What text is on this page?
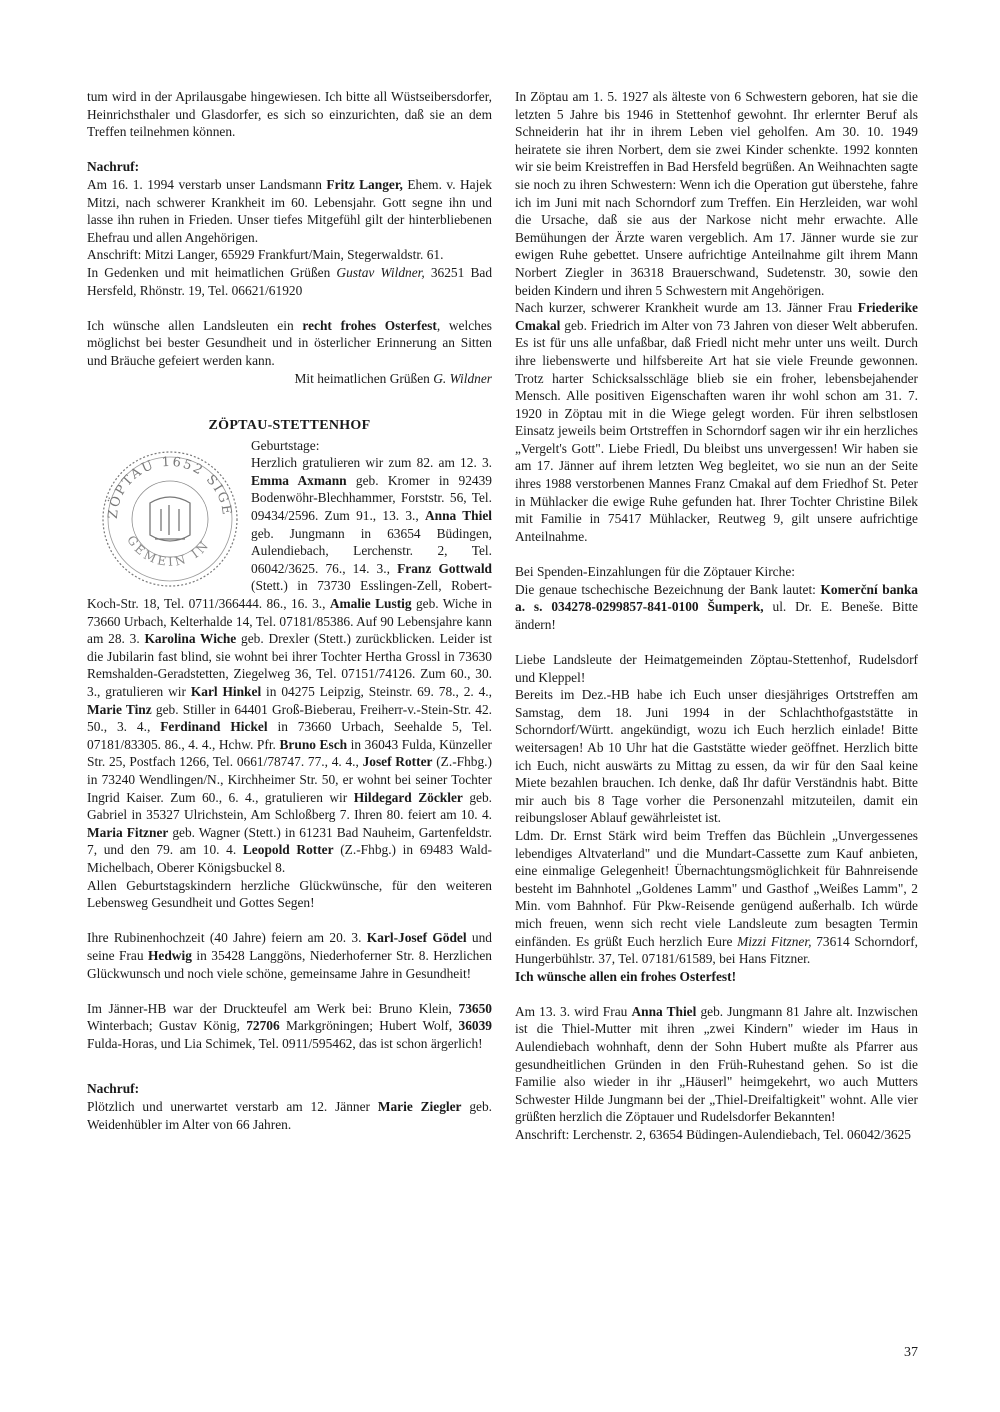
tum wird in der Aprilausgabe hingewiesen. Ich bitte all Wüstseibersdorfer, Heinrichsthaler und Glasdorfer, es sich so einzurichten, daß sie an dem Treffen teilnehmen können.

Nachruf:

Am 16. 1. 1994 verstarb unser Landsmann Fritz Langer, Ehem. v. Hajek Mitzi, nach schwerer Krankheit im 60. Lebensjahr. Gott segne ihn und lasse ihn ruhen in Frieden. Unser tiefes Mitgefühl gilt der hinterbliebenen Ehefrau und allen Angehörigen.

Anschrift: Mitzi Langer, 65929 Frankfurt/Main, Stegerwaldstr. 61.

In Gedenken und mit heimatlichen Grüßen Gustav Wildner, 36251 Bad Hersfeld, Rhönstr. 19, Tel. 06621/61920

Ich wünsche allen Landsleuten ein recht frohes Osterfest, welches möglichst bei bester Gesundheit und in österlicher Erinnerung an Sitten und Bräuche gefeiert werden kann.

Mit heimatlichen Grüßen G. Wildner

ZÖPTAU-STETTENHOF

ZÖPTAU 1652 SIGE
GEMEIN IN

Geburtstage:

Herzlich gratulieren wir zum 82. am 12. 3. Emma Axmann geb. Kromer in 92439 Bodenwöhr-Blechhammer, Forststr. 56, Tel. 09434/2596. Zum 91., 13. 3., Anna Thiel geb. Jungmann in 63654 Büdingen, Aulendiebach, Lerchenstr. 2, Tel. 06042/3625. 76., 14. 3., Franz Gottwald (Stett.) in 73730 Esslingen-Zell, Robert-Koch-Str. 18, Tel. 0711/366444. 86., 16. 3., Amalie Lustig geb. Wiche in 73660 Urbach, Kelterhalde 14, Tel. 07181/85386. Auf 90 Lebensjahre kann am 28. 3. Karolina Wiche geb. Drexler (Stett.) zurückblicken. Leider ist die Jubilarin fast blind, sie wohnt bei ihrer Tochter Hertha Grossl in 73630 Remshalden-Geradstetten, Ziegelweg 36, Tel. 07151/74126. Zum 60., 30. 3., gratulieren wir Karl Hinkel in 04275 Leipzig, Steinstr. 69. 78., 2. 4., Marie Tinz geb. Stiller in 64401 Groß-Bieberau, Freiherr-v.-Stein-Str. 42. 50., 3. 4., Ferdinand Hickel in 73660 Urbach, Seehalde 5, Tel. 07181/83305. 86., 4. 4., Hchw. Pfr. Bruno Esch in 36043 Fulda, Künzeller Str. 25, Postfach 1266, Tel. 0661/78747. 77., 4. 4., Josef Rotter (Z.-Fhbg.) in 73240 Wendlingen/N., Kirchheimer Str. 50, er wohnt bei seiner Tochter Ingrid Kaiser. Zum 60., 6. 4., gratulieren wir Hildegard Zöckler geb. Gabriel in 35327 Ulrichstein, Am Schloßberg 7. Ihren 80. feiert am 10. 4. Maria Fitzner geb. Wagner (Stett.) in 61231 Bad Nauheim, Gartenfeldstr. 7, und den 79. am 10. 4. Leopold Rotter (Z.-Fhbg.) in 69483 Wald-Michelbach, Oberer Königsbuckel 8.

Allen Geburtstagskindern herzliche Glückwünsche, für den weiteren Lebensweg Gesundheit und Gottes Segen!

Ihre Rubinenhochzeit (40 Jahre) feiern am 20. 3. Karl-Josef Gödel und seine Frau Hedwig in 35428 Langgöns, Niederhoferner Str. 8. Herzlichen Glückwunsch und noch viele schöne, gemeinsame Jahre in Gesundheit!

Im Jänner-HB war der Druckteufel am Werk bei: Bruno Klein, 73650 Winterbach; Gustav König, 72706 Markgröningen; Hubert Wolf, 36039 Fulda-Horas, und Lia Schimek, Tel. 0911/595462, das ist schon ärgerlich!

Nachruf:

Plötzlich und unerwartet verstarb am 12. Jänner Marie Ziegler geb. Weidenhübler im Alter von 66 Jahren.

In Zöptau am 1. 5. 1927 als älteste von 6 Schwestern geboren, hat sie die letzten 5 Jahre bis 1946 in Stettenhof gewohnt. Ihr erlernter Beruf als Schneiderin hat ihr in ihrem Leben viel geholfen. Am 30. 10. 1949 heiratete sie ihren Norbert, dem sie zwei Kinder schenkte. 1992 konnten wir sie beim Kreistreffen in Bad Hersfeld begrüßen. An Weihnachten sagte sie noch zu ihren Schwestern: Wenn ich die Operation gut überstehe, fahre ich im Juni mit nach Schorndorf zum Treffen. Ein Herzleiden, war wohl die Ursache, daß sie aus der Narkose nicht mehr erwachte. Alle Bemühungen der Ärzte waren vergeblich. Am 17. Jänner wurde sie zur ewigen Ruhe gebettet. Unsere aufrichtige Anteilnahme gilt ihrem Mann Norbert Ziegler in 36318 Brauerschwand, Sudetenstr. 30, sowie den beiden Kindern und ihren 5 Schwestern mit Angehörigen.

Nach kurzer, schwerer Krankheit wurde am 13. Jänner Frau Friederike Cmakal geb. Friedrich im Alter von 73 Jahren von dieser Welt abberufen. Es ist für uns alle unfaßbar, daß Friedl nicht mehr unter uns weilt. Durch ihre liebenswerte und hilfsbereite Art hat sie viele Freunde gewonnen. Trotz harter Schicksalsschläge blieb sie ein froher, lebensbejahender Mensch. Alle positiven Eigenschaften waren ihr wohl schon am 31. 7. 1920 in Zöptau mit in die Wiege gelegt worden. Für ihren selbstlosen Einsatz jeweils beim Ortstreffen in Schorndorf sagen wir ihr ein herzliches „Vergelt's Gott". Liebe Friedl, Du bleibst uns unvergessen! Wir haben sie am 17. Jänner auf ihrem letzten Weg begleitet, wo sie nun an der Seite ihres 1988 verstorbenen Mannes Franz Cmakal auf dem Friedhof St. Peter in Mühlacker die ewige Ruhe gefunden hat. Ihrer Tochter Christine Bilek mit Familie in 75417 Mühlacker, Reutweg 9, gilt unsere aufrichtige Anteilnahme.

Bei Spenden-Einzahlungen für die Zöptauer Kirche:

Die genaue tschechische Bezeichnung der Bank lautet: Komerční banka a. s. 034278-0299857-841-0100 Šumperk, ul. Dr. E. Beneše. Bitte ändern!

Liebe Landsleute der Heimatgemeinden Zöptau-Stettenhof, Rudelsdorf und Kleppel!

Bereits im Dez.-HB habe ich Euch unser diesjähriges Ortstreffen am Samstag, dem 18. Juni 1994 in der Schlachthofgaststätte in Schorndorf/Württ. angekündigt, wozu ich Euch herzlich einlade! Bitte weitersagen! Ab 10 Uhr hat die Gaststätte wieder geöffnet. Herzlich bitte ich Euch, nicht auswärts zu Mittag zu essen, da wir für den Saal keine Miete bezahlen brauchen. Ich denke, daß Ihr dafür Verständnis habt. Bitte mir auch bis 8 Tage vorher die Personenzahl mitzuteilen, damit ein reibungsloser Ablauf gewährleistet ist.

Ldm. Dr. Ernst Stärk wird beim Treffen das Büchlein „Unvergessenes lebendiges Altvaterland" und die Mundart-Cassette zum Kauf anbieten, eine einmalige Gelegenheit! Übernachtungsmöglichkeit für Bahnreisende besteht im Bahnhotel „Goldenes Lamm" und Gasthof „Weißes Lamm", 2 Min. vom Bahnhof. Für Pkw-Reisende genügend außerhalb. Ich würde mich freuen, wenn sich recht viele Landsleute zum besagten Termin einfänden. Es grüßt Euch herzlich Eure Mizzi Fitzner, 73614 Schorndorf, Hungerbühlstr. 37, Tel. 07181/61589, bei Hans Fitzner.

Ich wünsche allen ein frohes Osterfest!

Am 13. 3. wird Frau Anna Thiel geb. Jungmann 81 Jahre alt. Inzwischen ist die Thiel-Mutter mit ihren „zwei Kindern" wieder im Haus in Aulendiebach wohnhaft, denn der Sohn Hubert mußte als Pfarrer aus gesundheitlichen Gründen in den Früh-Ruhestand gehen. So ist die Familie also wieder in ihr „Häuserl" heimgekehrt, wo auch Mutters Schwester Hilde Jungmann bei der „Thiel-Dreifaltigkeit" wohnt. Alle vier grüßten herzlich die Zöptauer und Rudelsdorfer Bekannten!

Anschrift: Lerchenstr. 2, 63654 Büdingen-Aulendiebach, Tel. 06042/3625

37
